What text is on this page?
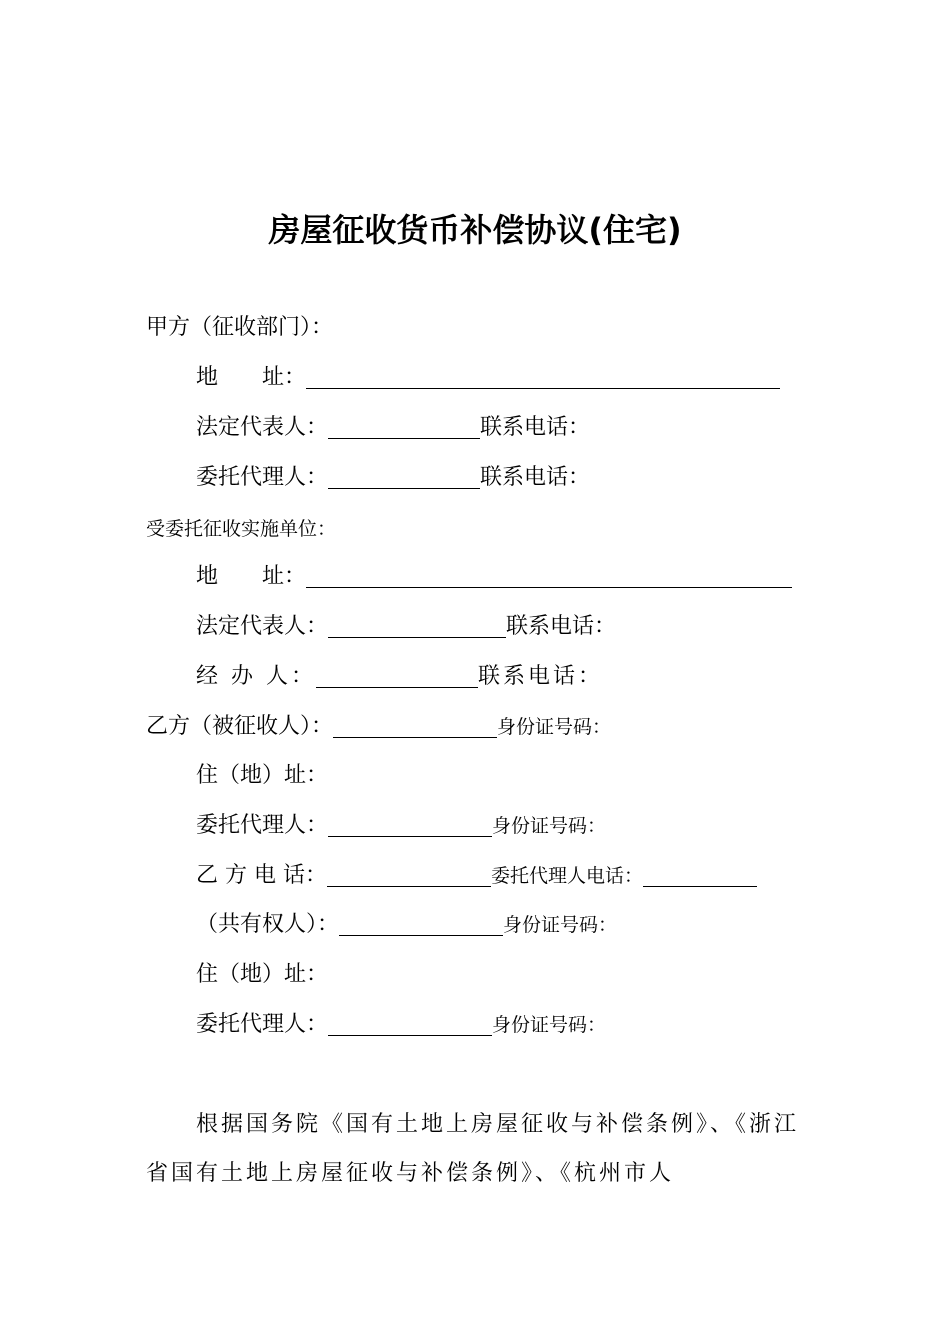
房屋征收货币补偿协议(住宅)
甲方（征收部门）：
地　　址：
法定代表人：	联系电话：
委托代理人：	联系电话：
受委托征收实施单位：
地　　址：
法定代表人：	联系电话：
经 办 人：	联系电话：
乙方（被征收人）：	身份证号码：
住（地）址：
委托代理人：	身份证号码：
乙 方 电 话：	委托代理人电话：
（共有权人）：	身份证号码：
住（地）址：
委托代理人：	身份证号码：
根据国务院《国有土地上房屋征收与补偿条例》、《浙江省国有土地上房屋征收与补偿条例》、《杭州市人
